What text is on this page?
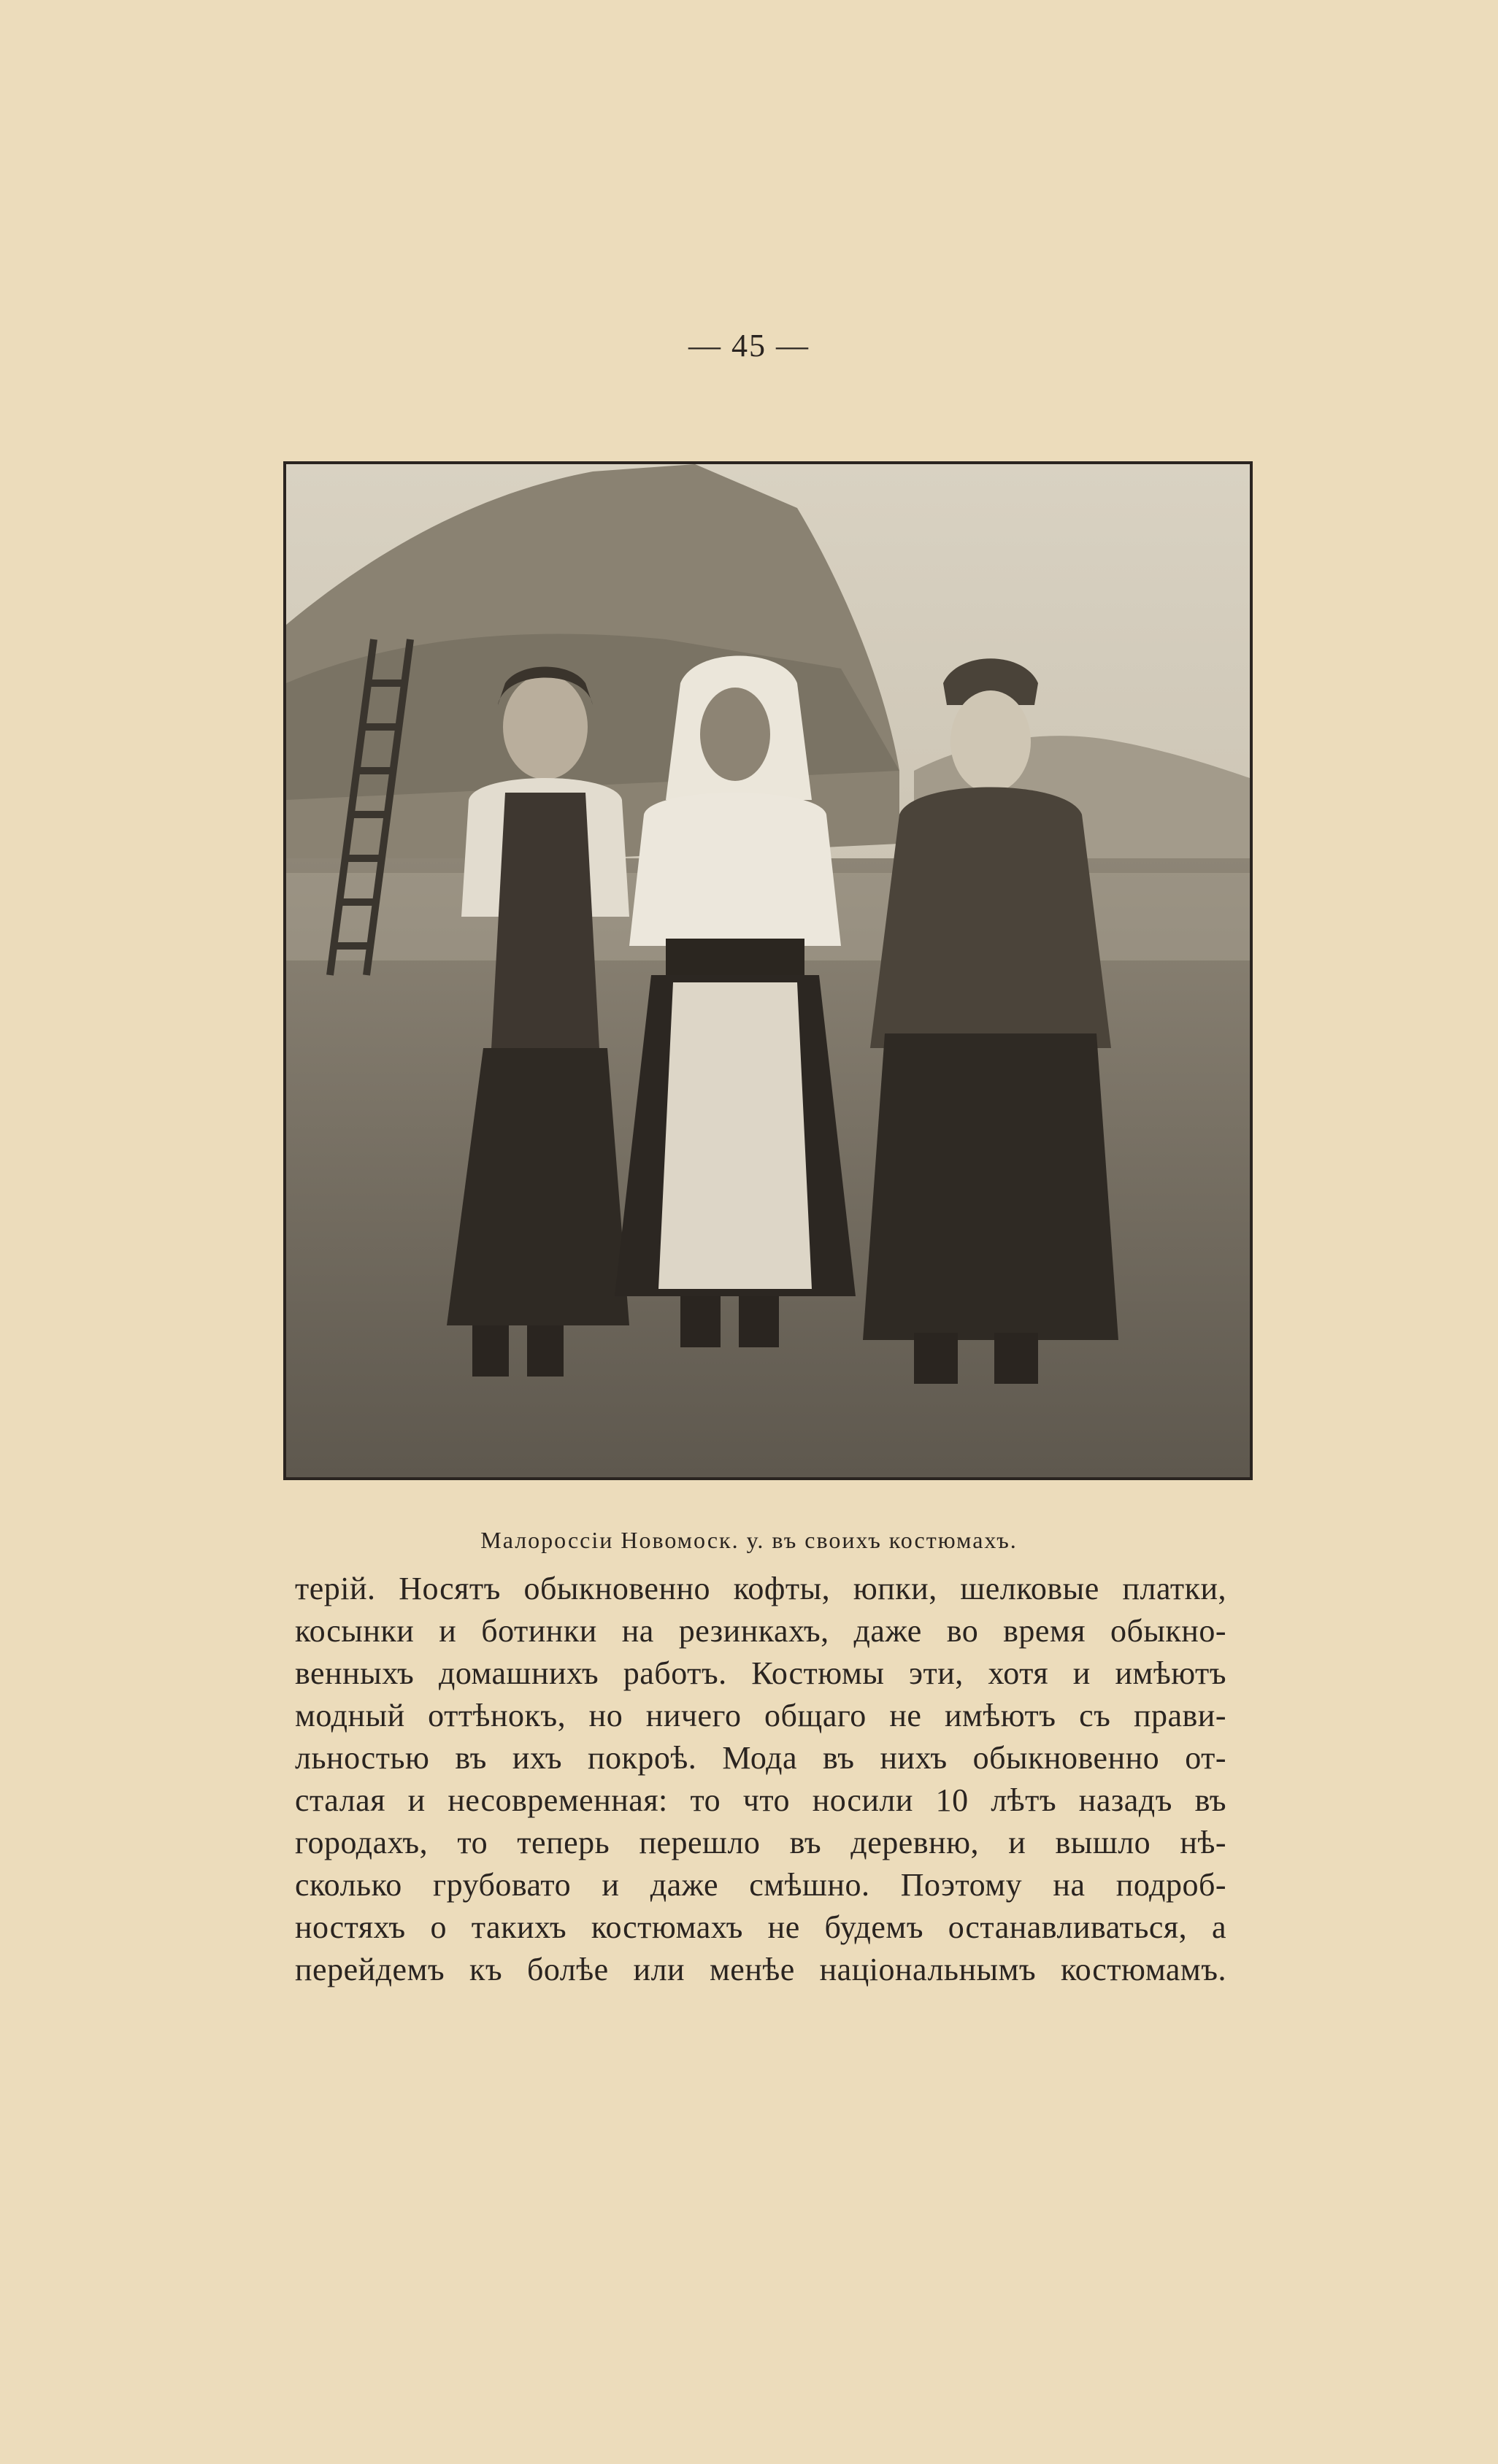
— 45 —
Малороссіи Новомоск. у. въ своихъ костюмахъ.
терій. Носятъ обыкновенно кофты, юпки, шелковые платки,
косынки и ботинки на резинкахъ, даже во время обыкно-
венныхъ домашнихъ работъ. Костюмы эти, хотя и имѣютъ
модный оттѣнокъ, но ничего общаго не имѣютъ съ прави-
льностью въ ихъ покроѣ. Мода въ нихъ обыкновенно от-
сталая и несовременная: то что носили 10 лѣтъ назадъ въ
городахъ, то теперь перешло въ деревню, и вышло нѣ-
сколько грубовато и даже смѣшно. Поэтому на подроб-
ностяхъ о такихъ костюмахъ не будемъ останавливаться, а
перейдемъ къ болѣе или менѣе національнымъ костюмамъ.
